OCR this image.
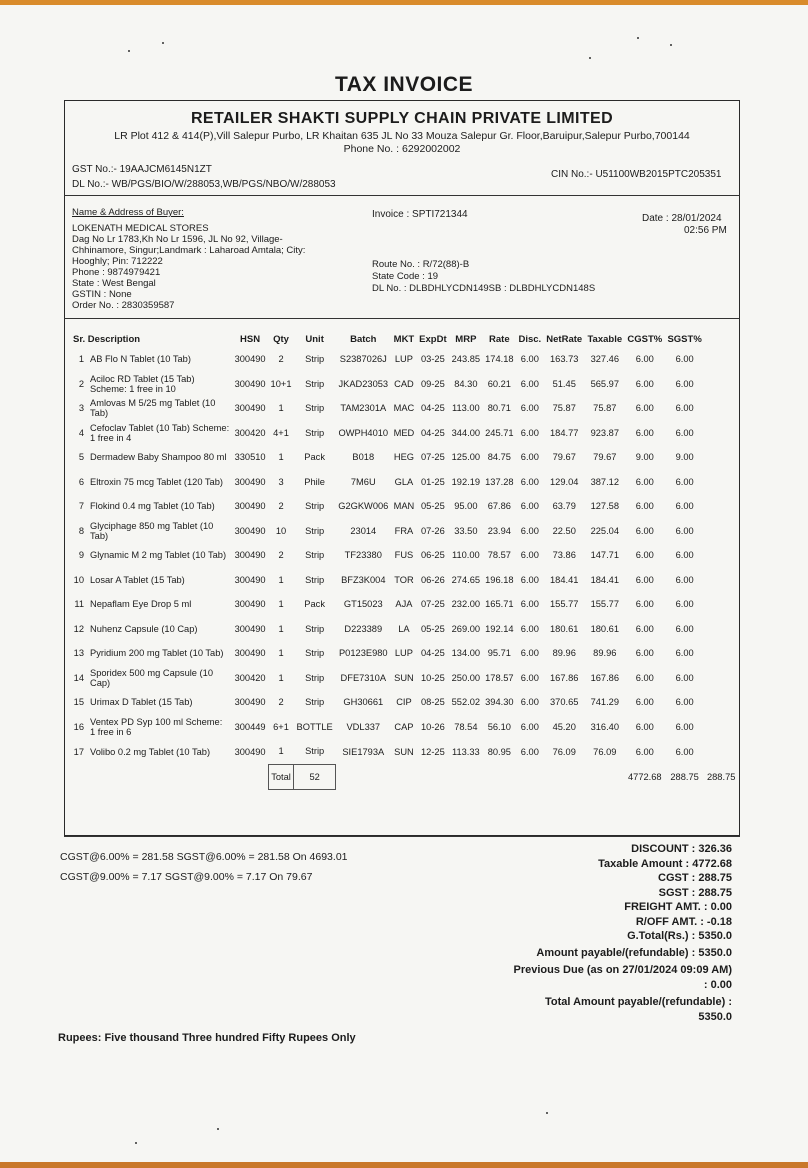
TAX INVOICE
RETAILER SHAKTI SUPPLY CHAIN PRIVATE LIMITED
LR Plot 412 & 414(P),Vill Salepur Purbo, LR Khaitan 635 JL No 33 Mouza Salepur Gr. Floor,Baruipur,Salepur Purbo,700144
Phone No. : 6292002002
GST No.:- 19AAJCM6145N1ZT
DL No.:- WB/PGS/BIO/W/288053,WB/PGS/NBO/W/288053
CIN No.:- U51100WB2015PTC205351
Name & Address of Buyer:
LOKENATH MEDICAL STORES
Dag No Lr 1783,Kh No Lr 1596, JL No 92, Village-
Chhinamore, Singur;Landmark : Laharoad Amtala; City:
Hooghly; Pin: 712222
Phone : 9874979421
State : West Bengal
GSTIN : None
Order No. : 2830359587
Invoice : SPTI721344	Date : 28/01/2024
02:56 PM
Route No. : R/72(88)-B
State Code : 19
DL No. : DLBDHLYCDN149SB : DLBDHLYCDN148S
Sr. Description		HSN	Qty	Unit	Batch	MKT	ExpDt	MRP	Rate	Disc.	NetRate	Taxable	CGST%	SGST%	
1	AB Flo N Tablet (10 Tab)	300490	2	Strip	S2387026J	LUP	03-25	243.85	174.18	6.00	163.73	327.46	6.00	6.00	
2	Aciloc RD Tablet (15 Tab) Scheme: 1 free in 10	300490	10+1	Strip	JKAD23053	CAD	09-25	84.30	60.21	6.00	51.45	565.97	6.00	6.00	
3	Amlovas M 5/25 mg Tablet (10 Tab)	300490	1	Strip	TAM2301A	MAC	04-25	113.00	80.71	6.00	75.87	75.87	6.00	6.00	
4	Cefoclav Tablet (10 Tab) Scheme: 1 free in 4	300420	4+1	Strip	OWPH4010	MED	04-25	344.00	245.71	6.00	184.77	923.87	6.00	6.00	
5	Dermadew Baby Shampoo 80 ml	330510	1	Pack	B018	HEG	07-25	125.00	84.75	6.00	79.67	79.67	9.00	9.00	
6	Eltroxin 75 mcg Tablet (120 Tab)	300490	3	Phile	7M6U	GLA	01-25	192.19	137.28	6.00	129.04	387.12	6.00	6.00	
7	Flokind 0.4 mg Tablet (10 Tab)	300490	2	Strip	G2GKW006	MAN	05-25	95.00	67.86	6.00	63.79	127.58	6.00	6.00	
8	Glyciphage 850 mg Tablet (10 Tab)	300490	10	Strip	23014	FRA	07-26	33.50	23.94	6.00	22.50	225.04	6.00	6.00	
9	Glynamic M 2 mg Tablet (10 Tab)	300490	2	Strip	TF23380	FUS	06-25	110.00	78.57	6.00	73.86	147.71	6.00	6.00	
10	Losar A Tablet (15 Tab)	300490	1	Strip	BFZ3K004	TOR	06-26	274.65	196.18	6.00	184.41	184.41	6.00	6.00	
11	Nepaflam Eye Drop 5 ml	300490	1	Pack	GT15023	AJA	07-25	232.00	165.71	6.00	155.77	155.77	6.00	6.00	
12	Nuhenz Capsule (10 Cap)	300490	1	Strip	D223389	LA	05-25	269.00	192.14	6.00	180.61	180.61	6.00	6.00	
13	Pyridium 200 mg Tablet (10 Tab)	300490	1	Strip	P0123E980	LUP	04-25	134.00	95.71	6.00	89.96	89.96	6.00	6.00	
14	Sporidex 500 mg Capsule (10 Cap)	300420	1	Strip	DFE7310A	SUN	10-25	250.00	178.57	6.00	167.86	167.86	6.00	6.00	
15	Urimax D Tablet (15 Tab)	300490	2	Strip	GH30661	CIP	08-25	552.02	394.30	6.00	370.65	741.29	6.00	6.00	
16	Ventex PD Syp 100 ml Scheme: 1 free in 6	300449	6+1	BOTTLE	VDL337	CAP	10-26	78.54	56.10	6.00	45.20	316.40	6.00	6.00	
17	Volibo 0.2 mg Tablet (10 Tab)	300490	1	Strip	SIE1793A	SUN	12-25	113.33	80.95	6.00	76.09	76.09	6.00	6.00	
			Total	52									4772.68	288.75	288.75
CGST@6.00% = 281.58 SGST@6.00% = 281.58 On 4693.01
CGST@9.00% = 7.17 SGST@9.00% = 7.17 On 79.67
DISCOUNT : 326.36
Taxable Amount : 4772.68
CGST : 288.75
SGST : 288.75
FREIGHT AMT. : 0.00
R/OFF AMT. : -0.18
G.Total(Rs.) : 5350.0
Amount payable/(refundable) : 5350.0
Previous Due (as on 27/01/2024 09:09 AM) : 0.00
Total Amount payable/(refundable) : 5350.0
Rupees: Five thousand Three hundred Fifty Rupees Only
